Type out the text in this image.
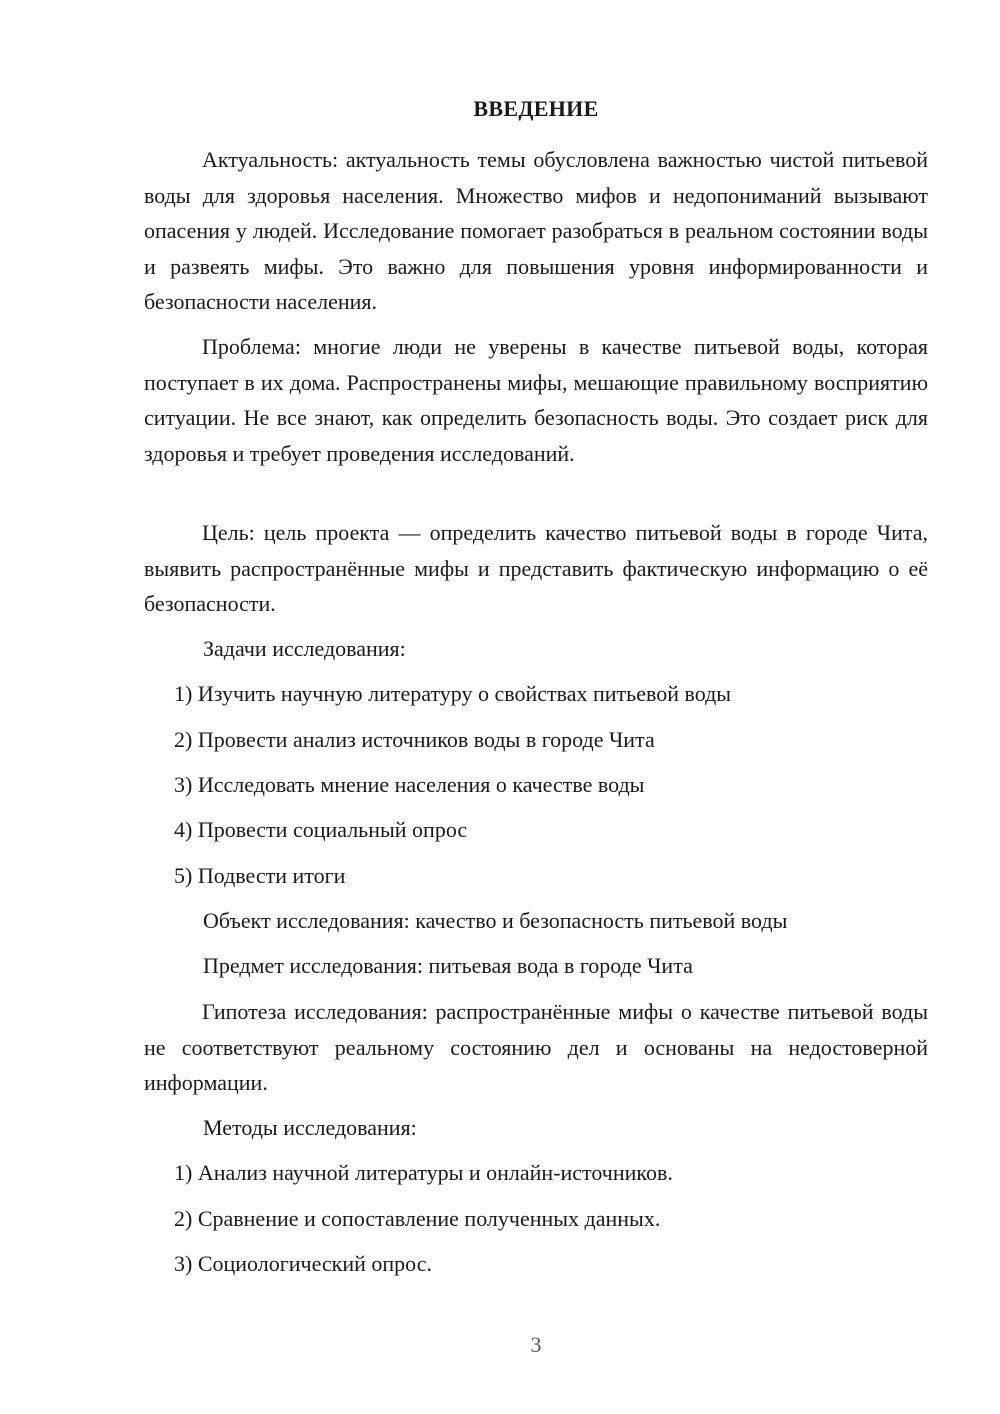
ВВЕДЕНИЕ

Актуальность: актуальность темы обусловлена важностью чистой питьевой воды для здоровья населения. Множество мифов и недопониманий вызывают опасения у людей. Исследование помогает разобраться в реальном состоянии воды и развеять мифы. Это важно для повышения уровня информированности и безопасности населения.

Проблема: многие люди не уверены в качестве питьевой воды, которая поступает в их дома. Распространены мифы, мешающие правильному восприятию ситуации. Не все знают, как определить безопасность воды. Это создает риск для здоровья и требует проведения исследований.

Цель: цель проекта — определить качество питьевой воды в городе Чита, выявить распространённые мифы и представить фактическую информацию о её безопасности.

Задачи исследования:

1) Изучить научную литературу о свойствах питьевой воды

2) Провести анализ источников воды в городе Чита

3) Исследовать мнение населения о качестве воды

4) Провести социальный опрос

5) Подвести итоги

Объект исследования: качество и безопасность питьевой воды

Предмет исследования: питьевая вода в городе Чита

Гипотеза исследования: распространённые мифы о качестве питьевой воды не соответствуют реальному состоянию дел и основаны на недостоверной информации.

Методы исследования:

1) Анализ научной литературы и онлайн-источников.

2) Сравнение и сопоставление полученных данных.

3) Социологический опрос.

3
